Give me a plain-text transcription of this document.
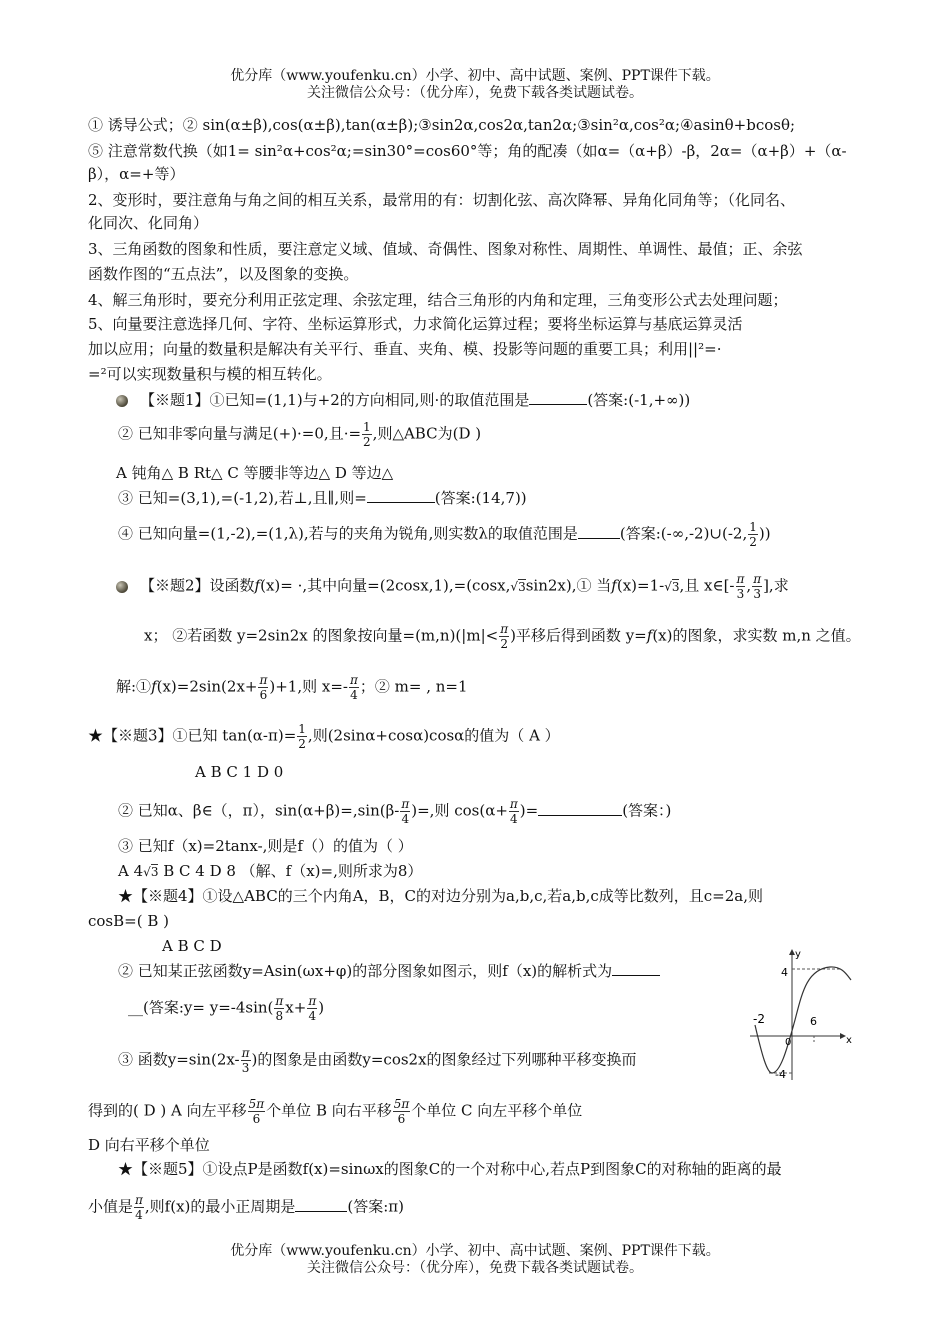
优分库（www.youfenku.cn）小学、初中、高中试题、案例、PPT课件下载。
关注微信公众号：（优分库），免费下载各类试题试卷。
① 诱导公式；② sin(α±β),cos(α±β),tan(α±β);③sin2α,cos2α,tan2α;③sin²α,cos²α;④asinθ+bcosθ;
⑤ 注意常数代换（如1= sin²α+cos²α;=sin30°=cos60°等；角的配凑（如α=（α+β）-β，2α=（α+β）+（α-
β），α=+等）
2、变形时，要注意角与角之间的相互关系，最常用的有：切割化弦、高次降幂、异角化同角等；（化同名、
化同次、化同角）
3、三角函数的图象和性质，要注意定义域、值域、奇偶性、图象对称性、周期性、单调性、最值；正、余弦
函数作图的“五点法”，以及图象的变换。
4、解三角形时，要充分利用正弦定理、余弦定理，结合三角形的内角和定理，三角变形公式去处理问题；
5、向量要注意选择几何、字符、坐标运算形式，力求简化运算过程；要将坐标运算与基底运算灵活
加以应用；向量的数量积是解决有关平行、垂直、夹角、模、投影等问题的重要工具；利用||²=·
=²可以实现数量积与模的相互转化。
【※题1】①已知=(1,1)与+2的方向相同,则·的取值范围是	(答案:(-1,+∞))
② 已知非零向量与满足(+)·=0,且·= $\frac{1}{2}$ ,则△ABC为(D )
A 钝角△ B Rt△ C 等腰非等边△ D 等边△
③ 已知=(3,1),=(-1,2),若⊥,且∥,则=	(答案:(14,7))
④ 已知向量=(1,-2),=(1,λ),若与的夹角为锐角,则实数λ的取值范围是	(答案:(-∞,-2)∪(-2, $\frac{1}{2}$ ))
【※题2】设函数f(x)= ·,其中向量=(2cosx,1),=(cosx,√3sin2x),① 当f(x)=1-√3,且 x∈[- $\frac{\pi}{3}$ , $\frac{\pi}{3}$ ],求
x； ②若函数 y=2sin2x 的图象按向量$=(m,n)(|m|< \frac{\pi}{2}$ )平移后得到函数 y=f(x)的图象，求实数 m,n 之值。
解:①f(x)=2sin(2x+ $\frac{\pi}{6} )+1$,则 $x=- \frac{\pi}{4}$ ；② m= , n=1
★【※题3】①已知 $\tan(\alpha-\pi)= \frac{1}{2}$ ,则(2sinα+cosα)cosα的值为（ A ）
A B C 1 D 0
② 已知α、β∈（，π），$\sin(\alpha+\beta)=,\sin(\beta- \frac{\pi}{4}$ )=,则 $\cos(\alpha+ \frac{\pi}{4}$ )=	(答案：)
③ 已知f（x)=2tanx-,则是f（）的值为（ ）
A 4√3 B C 4 D 8 （解、f（x)=,则所求为8）
★【※题4】①设△ABC的三个内角A，B，C的对边分别为a,b,c,若a,b,c成等比数列，且c=2a,则
cosB=( B )
A B C D
② 已知某正弦函数y=Asin(ωx+φ)的部分图象如图示，则f（x)的解析式为
__(答案:y= $y=-4\sin( \frac{\pi}{8} x+ \frac{\pi}{4}$ )
③ 函数$y=\sin(2x- \frac{\pi}{3}$ )的图象是由函数y=cos2x的图象经过下列哪种平移变换而
得到的( D ) A 向左平移 $\frac{5\pi}{6}$ 个单位 B 向右平移 $\frac{5\pi}{6}$ 个单位 C 向左平移个单位
D 向右平移个单位
★【※题5】①设点P是函数f(x)=sinωx的图象C的一个对称中心,若点P到图象C的对称轴的距离的最
小值是 $\frac{\pi}{4}$ ,则f(x)的最小正周期是	(答案:π)
y
x
4
-4
-2	6
0
优分库（www.youfenku.cn）小学、初中、高中试题、案例、PPT课件下载。
关注微信公众号：（优分库），免费下载各类试题试卷。
